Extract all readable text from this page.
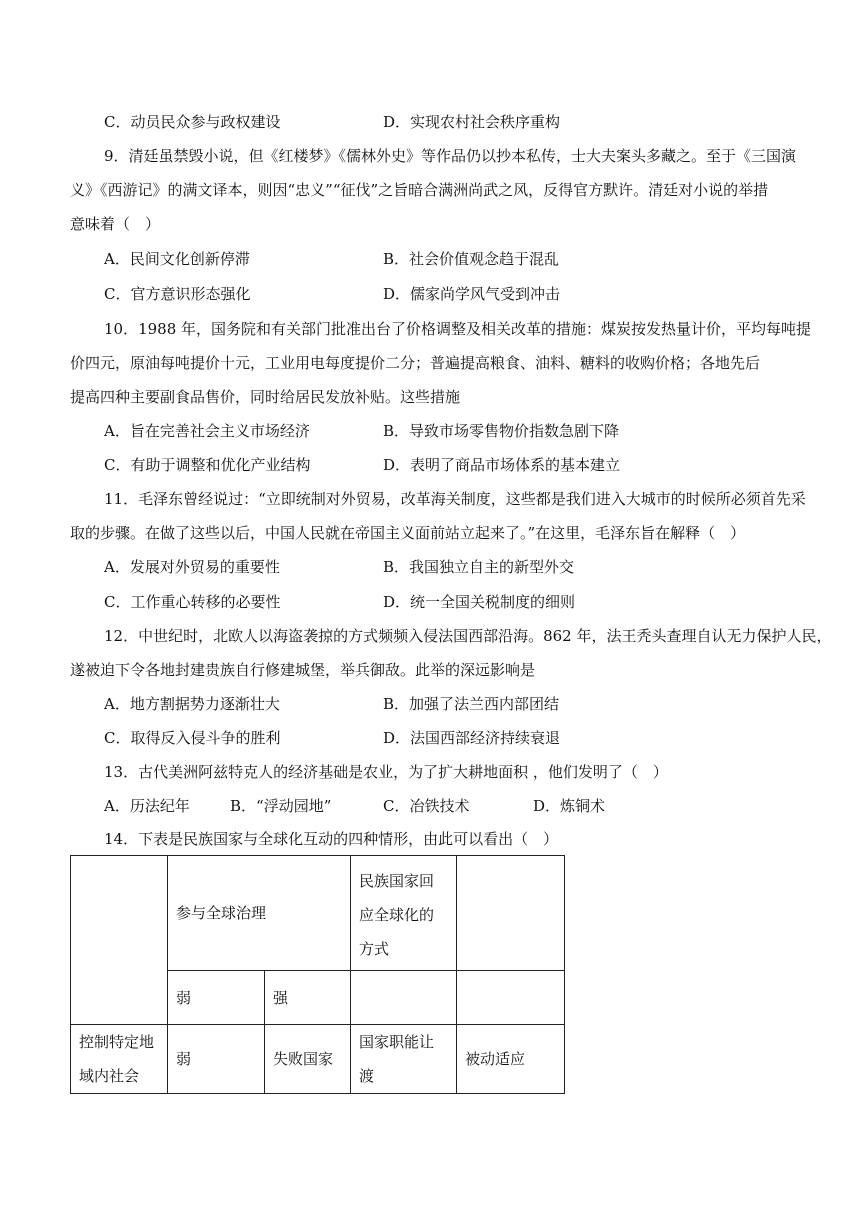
C．动员民众参与政权建设	D．实现农村社会秩序重构
9．清廷虽禁毁小说，但《红楼梦》《儒林外史》等作品仍以抄本私传，士大夫案头多藏之。至于《三国演
义》《西游记》的满文译本，则因“忠义”“征伐”之旨暗合满洲尚武之风，反得官方默许。清廷对小说的举措
意味着（　）
A．民间文化创新停滞	B．社会价值观念趋于混乱
C．官方意识形态强化	D．儒家尚学风气受到冲击
10．1988 年，国务院和有关部门批准出台了价格调整及相关改革的措施：煤炭按发热量计价，平均每吨提
价四元，原油每吨提价十元，工业用电每度提价二分；普遍提高粮食、油料、糖料的收购价格；各地先后
提高四种主要副食品售价，同时给居民发放补贴。这些措施
A．旨在完善社会主义市场经济	B．导致市场零售物价指数急剧下降
C．有助于调整和优化产业结构	D．表明了商品市场体系的基本建立
11．毛泽东曾经说过：“立即统制对外贸易，改革海关制度，这些都是我们进入大城市的时候所必须首先采
取的步骤。在做了这些以后，中国人民就在帝国主义面前站立起来了。”在这里，毛泽东旨在解释（　）
A．发展对外贸易的重要性	B．我国独立自主的新型外交
C．工作重心转移的必要性	D．统一全国关税制度的细则
12．中世纪时，北欧人以海盗袭掠的方式频频入侵法国西部沿海。862 年，法王秃头查理自认无力保护人民，
遂被迫下令各地封建贵族自行修建城堡，举兵御敌。此举的深远影响是
A．地方割据势力逐渐壮大	B．加强了法兰西内部团结
C．取得反入侵斗争的胜利	D．法国西部经济持续衰退
13．古代美洲阿兹特克人的经济基础是农业，为了扩大耕地面积 ，他们发明了（　）
A．历法纪年	B．“浮动园地”	C．冶铁技术	D．炼铜术
14．下表是民族国家与全球化互动的四种情形，由此可以看出（　）
	参与全球治理		民族国家回应全球化的方式	
	弱	强		
控制特定地域内社会	弱	失败国家	国家职能让渡	被动适应
